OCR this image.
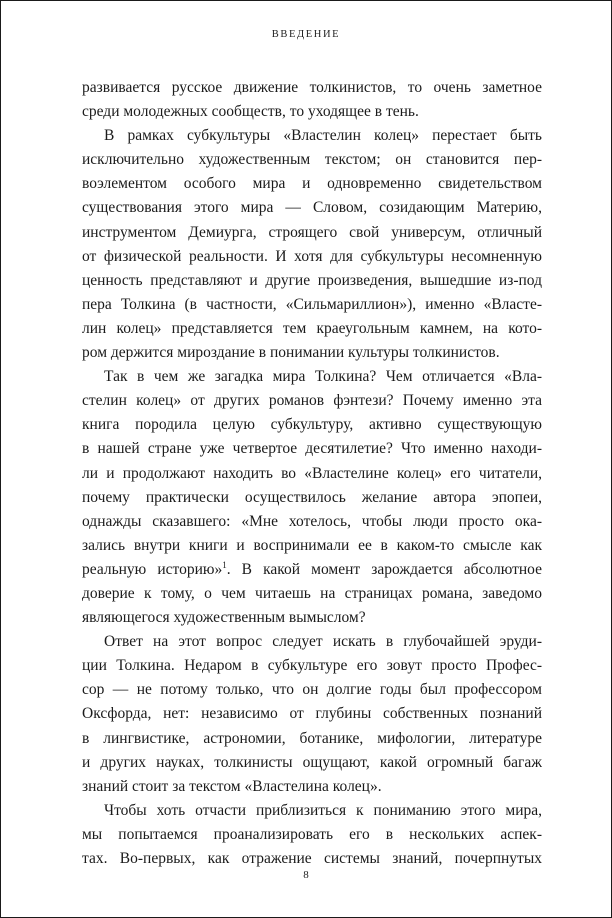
ВВЕДЕНИЕ
развивается русское движение толкинистов, то очень заметное
среди молодежных сообществ, то уходящее в тень.
В рамках субкультуры «Властелин колец» перестает быть
исключительно художественным текстом; он становится пер-
воэлементом особого мира и одновременно свидетельством
существования этого мира — Словом, созидающим Материю,
инструментом Демиурга, строящего свой универсум, отличный
от физической реальности. И хотя для субкультуры несомненную
ценность представляют и другие произведения, вышедшие из-под
пера Толкина (в частности, «Сильмариллион»), именно «Власте-
лин колец» представляется тем краеугольным камнем, на кото-
ром держится мироздание в понимании культуры толкинистов.
Так в чем же загадка мира Толкина? Чем отличается «Вла-
стелин колец» от других романов фэнтези? Почему именно эта
книга породила целую субкультуру, активно существующую
в нашей стране уже четвертое десятилетие? Что именно находи-
ли и продолжают находить во «Властелине колец» его читатели,
почему практически осуществилось желание автора эпопеи,
однажды сказавшего: «Мне хотелось, чтобы люди просто ока-
зались внутри книги и воспринимали ее в каком-то смысле как
реальную историю»$^1$. В какой момент зарождается абсолютное
доверие к тому, о чем читаешь на страницах романа, заведомо
являющегося художественным вымыслом?
Ответ на этот вопрос следует искать в глубочайшей эруди-
ции Толкина. Недаром в субкультуре его зовут просто Профес-
сор — не потому только, что он долгие годы был профессором
Оксфорда, нет: независимо от глубины собственных познаний
в лингвистике, астрономии, ботанике, мифологии, литературе
и других науках, толкинисты ощущают, какой огромный багаж
знаний стоит за текстом «Властелина колец».
Чтобы хоть отчасти приблизиться к пониманию этого мира,
мы попытаемся проанализировать его в нескольких аспек-
тах. Во-первых, как отражение системы знаний, почерпнутых
8
